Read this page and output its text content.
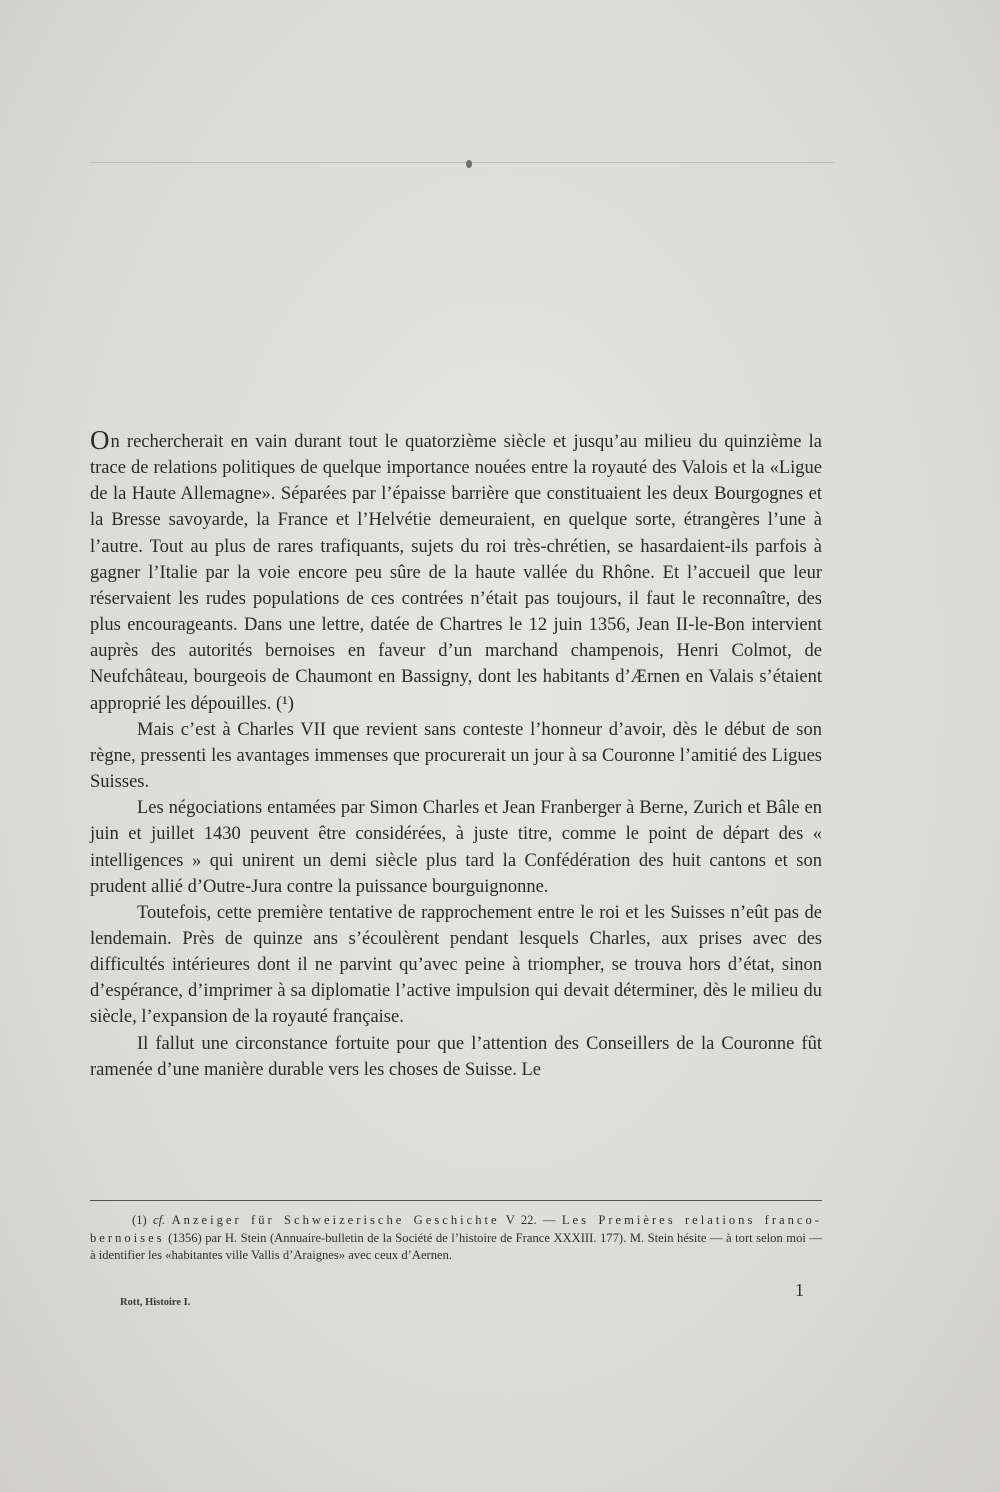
On rechercherait en vain durant tout le quatorzième siècle et jusqu’au milieu du quinzième la trace de relations politiques de quelque importance nouées entre la royauté des Valois et la «Ligue de la Haute Allemagne». Séparées par l’épaisse barrière que constituaient les deux Bourgognes et la Bresse savoyarde, la France et l’Helvétie demeuraient, en quelque sorte, étrangères l’une à l’autre. Tout au plus de rares trafiquants, sujets du roi très-chrétien, se hasardaient-ils parfois à gagner l’Italie par la voie encore peu sûre de la haute vallée du Rhône. Et l’accueil que leur réservaient les rudes populations de ces contrées n’était pas toujours, il faut le reconnaître, des plus encourageants. Dans une lettre, datée de Chartres le 12 juin 1356, Jean II-le-Bon intervient auprès des autorités bernoises en faveur d’un marchand champenois, Henri Colmot, de Neufchâteau, bourgeois de Chaumont en Bassigny, dont les habitants d’Ærnen en Valais s’étaient approprié les dépouilles. (¹)

Mais c’est à Charles VII que revient sans conteste l’honneur d’avoir, dès le début de son règne, pressenti les avantages immenses que procurerait un jour à sa Couronne l’amitié des Ligues Suisses.

Les négociations entamées par Simon Charles et Jean Franberger à Berne, Zurich et Bâle en juin et juillet 1430 peuvent être considérées, à juste titre, comme le point de départ des « intelligences » qui unirent un demi siècle plus tard la Confédération des huit cantons et son prudent allié d’Outre-Jura contre la puissance bourguignonne.

Toutefois, cette première tentative de rapprochement entre le roi et les Suisses n’eût pas de lendemain. Près de quinze ans s’écoulèrent pendant lesquels Charles, aux prises avec des difficultés intérieures dont il ne parvint qu’avec peine à triompher, se trouva hors d’état, sinon d’espérance, d’imprimer à sa diplomatie l’active impulsion qui devait déterminer, dès le milieu du siècle, l’expansion de la royauté française.

Il fallut une circonstance fortuite pour que l’attention des Conseillers de la Couronne fût ramenée d’une manière durable vers les choses de Suisse. Le

(1) cf. Anzeiger für Schweizerische Geschichte V 22. — Les Premières relations franco-bernoises (1356) par H. Stein (Annuaire-bulletin de la Société de l’histoire de France XXXIII. 177). M. Stein hésite — à tort selon moi — à identifier les «habitantes ville Vallis d’Araignes» avec ceux d’Aernen.

Rott, Histoire I.
1
